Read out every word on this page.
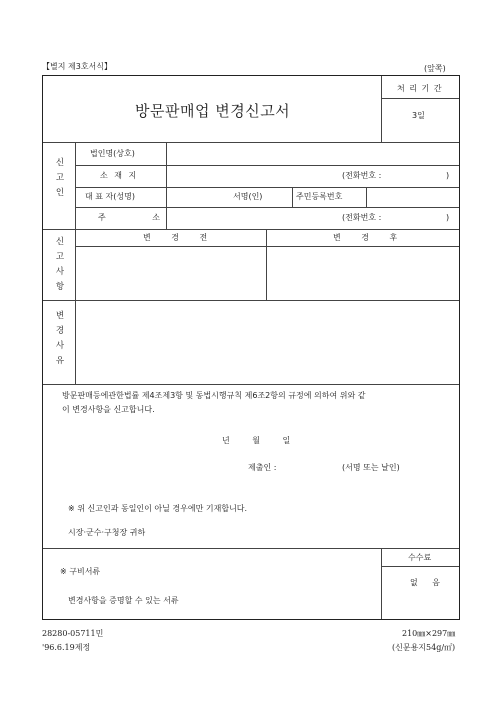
【별지 제3호서식】	(앞쪽)
방문판매업 변경신고서
처 리 기 간
3일
신
고
인
법인명(상호)
소 재 지	(전화번호 :	)
대 표 자(성명)	서명(인)	주민등록번호
주 소	(전화번호 :	)
신
고
사
항
변 경 전	변 경 후
변
경
사
유
방문판매등에관한법률 제4조제3항 및 동법시행규칙 제6조2항의 규정에 의하여 위와 같
이 변경사항을 신고합니다.
년 월 일
제출인 :	(서명 또는 날인)
※ 위 신고인과 동일인이 아닐 경우에만 기재합니다.
시장·군수·구청장 귀하
수수료
없 음
※ 구비서류
변경사항을 증명할 수 있는 서류
28280-05711민
'96.6.19제정
210㎜×297㎜
(신문용지54g/㎡)
